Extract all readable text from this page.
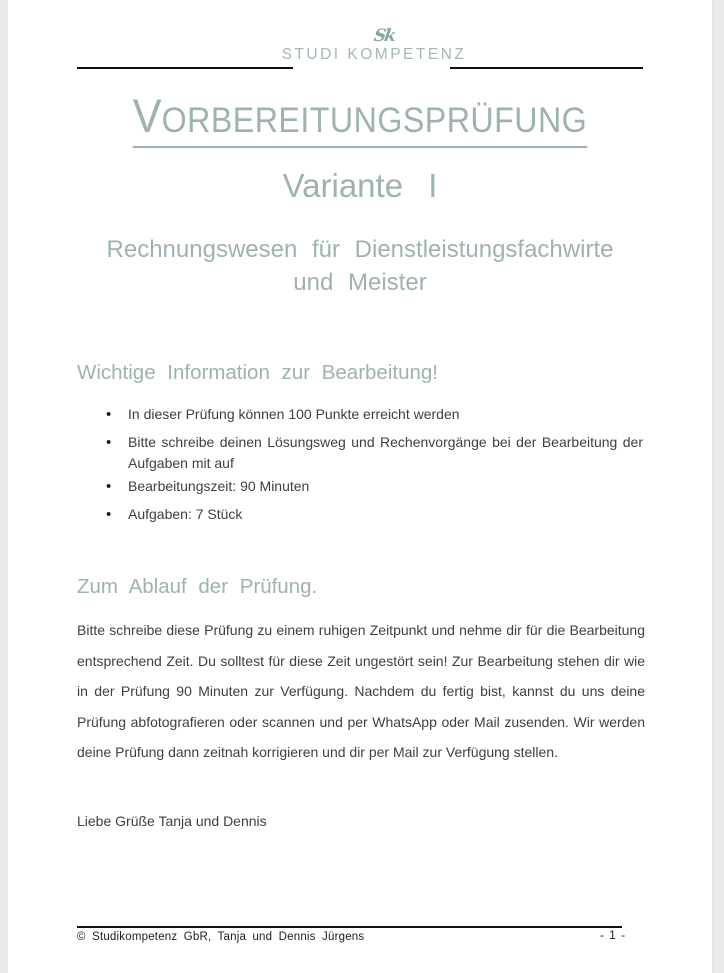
Sk
STUDI KOMPETENZ
VORBEREITUNGSPRÜFUNG
Variante I
Rechnungswesen für Dienstleistungsfachwirte
und Meister
Wichtige Information zur Bearbeitung!
• In dieser Prüfung können 100 Punkte erreicht werden
• Bitte schreibe deinen Lösungsweg und Rechenvorgänge bei der Bearbeitung der Aufgaben mit auf
• Bearbeitungszeit: 90 Minuten
• Aufgaben: 7 Stück
Zum Ablauf der Prüfung.
Bitte schreibe diese Prüfung zu einem ruhigen Zeitpunkt und nehme dir für die Bearbeitung entsprechend Zeit. Du solltest für diese Zeit ungestört sein! Zur Bearbeitung stehen dir wie in der Prüfung 90 Minuten zur Verfügung. Nachdem du fertig bist, kannst du uns deine Prüfung abfotografieren oder scannen und per WhatsApp oder Mail zusenden. Wir werden deine Prüfung dann zeitnah korrigieren und dir per Mail zur Verfügung stellen.
Liebe Grüße Tanja und Dennis
© Studikompetenz GbR, Tanja und Dennis Jürgens	- 1 -
